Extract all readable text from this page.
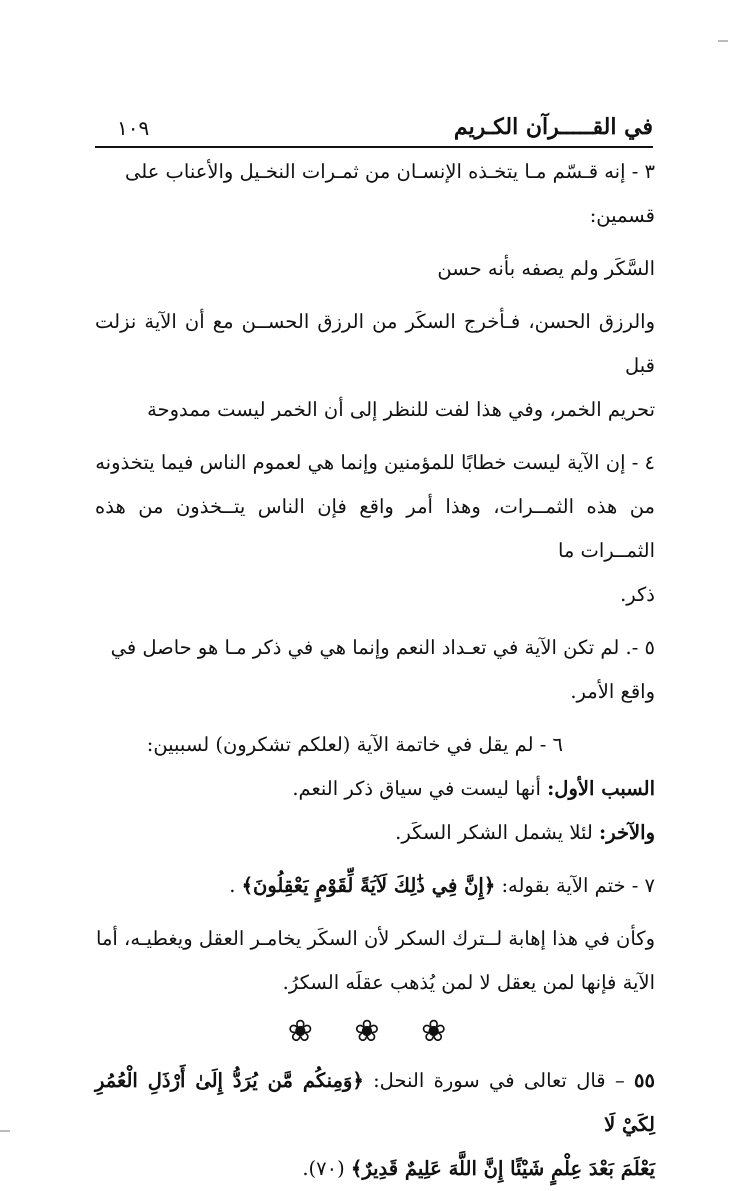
في القـــــرآن الكـريم
١٠٩

٣ - إنه قـسّم مـا يتخـذه الإنسـان من ثمـرات النخـيل والأعناب على

قسمين:

السَّكَر ولم يصفه بأنه حسن

والرزق الحسن، فـأخرج السكَر من الرزق الحســن مع أن الآية نزلت قبل

تحريم الخمر، وفي هذا لفت للنظر إلى أن الخمر ليست ممدوحة

٤ - إن الآية ليست خطابًا للمؤمنين وإنما هي لعموم الناس فيما يتخذونه

من هذه الثمــرات، وهذا أمر واقع فإن الناس يتــخذون من هذه الثمــرات ما

ذكر.

٥ -. لم تكن الآية في تعـداد النعم وإنما هي في ذكر مـا هو حاصل في

واقع الأمر.

٦ - لم يقل في خاتمة الآية (لعلكم تشكرون) لسببين:

السبب الأول: أنها ليست في سياق ذكر النعم.

والآخر: لئلا يشمل الشكر السكَر.

٧ - ختم الآية بقوله: ﴿إِنَّ فِي ذَٰلِكَ لَآيَةً لِّقَوْمٍ يَعْقِلُونَ﴾ .

وكأن في هذا إهابة لــترك السكر لأن السكَر يخامـر العقل ويغطيـه، أما

الآية فإنها لمن يعقل لا لمن يُذهب عقلَه السكرُ.

❀ ❀ ❀

٥٥ – قال تعالى في سورة النحل: ﴿وَمِنكُم مَّن يُرَدُّ إِلَىٰ أَرْذَلِ الْعُمُرِ لِكَيْ لَا

يَعْلَمَ بَعْدَ عِلْمٍ شَيْئًا إِنَّ اللَّهَ عَلِيمٌ قَدِيرٌ﴾ (٧٠).
